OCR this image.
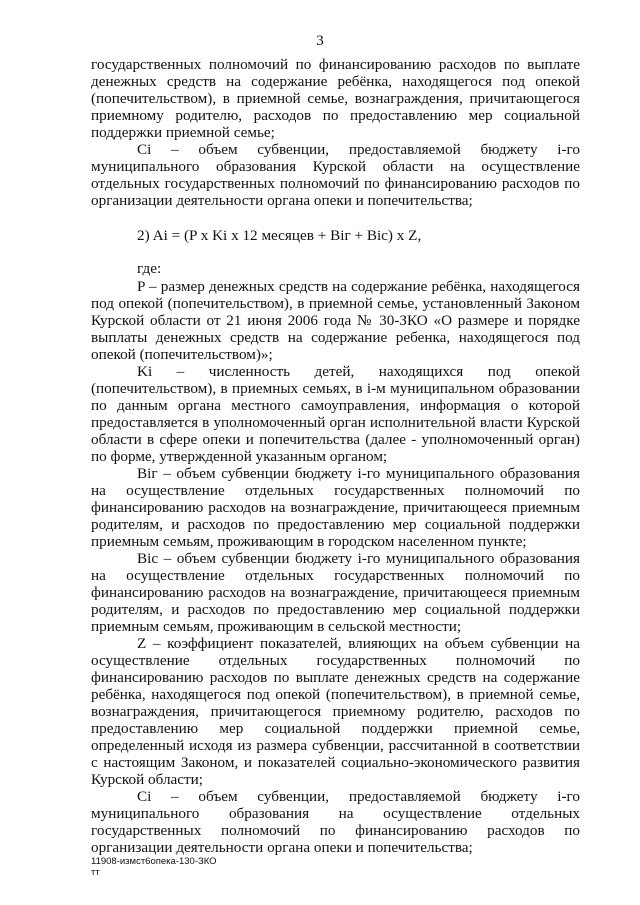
3

государственных полномочий по финансированию расходов по выплате денежных средств на содержание ребёнка, находящегося под опекой (попечительством), в приемной семье, вознаграждения, причитающегося приемному родителю, расходов по предоставлению мер социальной поддержки приемной семье;

Сi – объем субвенции, предоставляемой бюджету i-го муниципального образования Курской области на осуществление отдельных государственных полномочий по финансированию расходов по организации деятельности органа опеки и попечительства;

2) Ai = (P x Ki x 12 месяцев + Biг + Biс) x Z,

где:

P – размер денежных средств на содержание ребёнка, находящегося под опекой (попечительством), в приемной семье, установленный Законом Курской области от 21 июня 2006 года № 30-ЗКО «О размере и порядке выплаты денежных средств на содержание ребенка, находящегося под опекой (попечительством)»;

Ki – численность детей, находящихся под опекой (попечительством), в приемных семьях, в i-м муниципальном образовании по данным органа местного самоуправления, информация о которой предоставляется в уполномоченный орган исполнительной власти Курской области в сфере опеки и попечительства (далее - уполномоченный орган) по форме, утвержденной указанным органом;

Biг – объем субвенции бюджету i-го муниципального образования на осуществление отдельных государственных полномочий по финансированию расходов на вознаграждение, причитающееся приемным родителям, и расходов по предоставлению мер социальной поддержки приемным семьям, проживающим в городском населенном пункте;

Biс – объем субвенции бюджету i-го муниципального образования на осуществление отдельных государственных полномочий по финансированию расходов на вознаграждение, причитающееся приемным родителям, и расходов по предоставлению мер социальной поддержки приемным семьям, проживающим в сельской местности;

Z – коэффициент показателей, влияющих на объем субвенции на осуществление отдельных государственных полномочий по финансированию расходов по выплате денежных средств на содержание ребёнка, находящегося под опекой (попечительством), в приемной семье, вознаграждения, причитающегося приемному родителю, расходов по предоставлению мер социальной поддержки приемной семье, определенный исходя из размера субвенции, рассчитанной в соответствии с настоящим Законом, и показателей социально-экономического развития Курской области;

Сi – объем субвенции, предоставляемой бюджету i-го муниципального образования на осуществление отдельных государственных полномочий по финансированию расходов по организации деятельности органа опеки и попечительства;

11908-измст6опека-130-ЗКО
тт
